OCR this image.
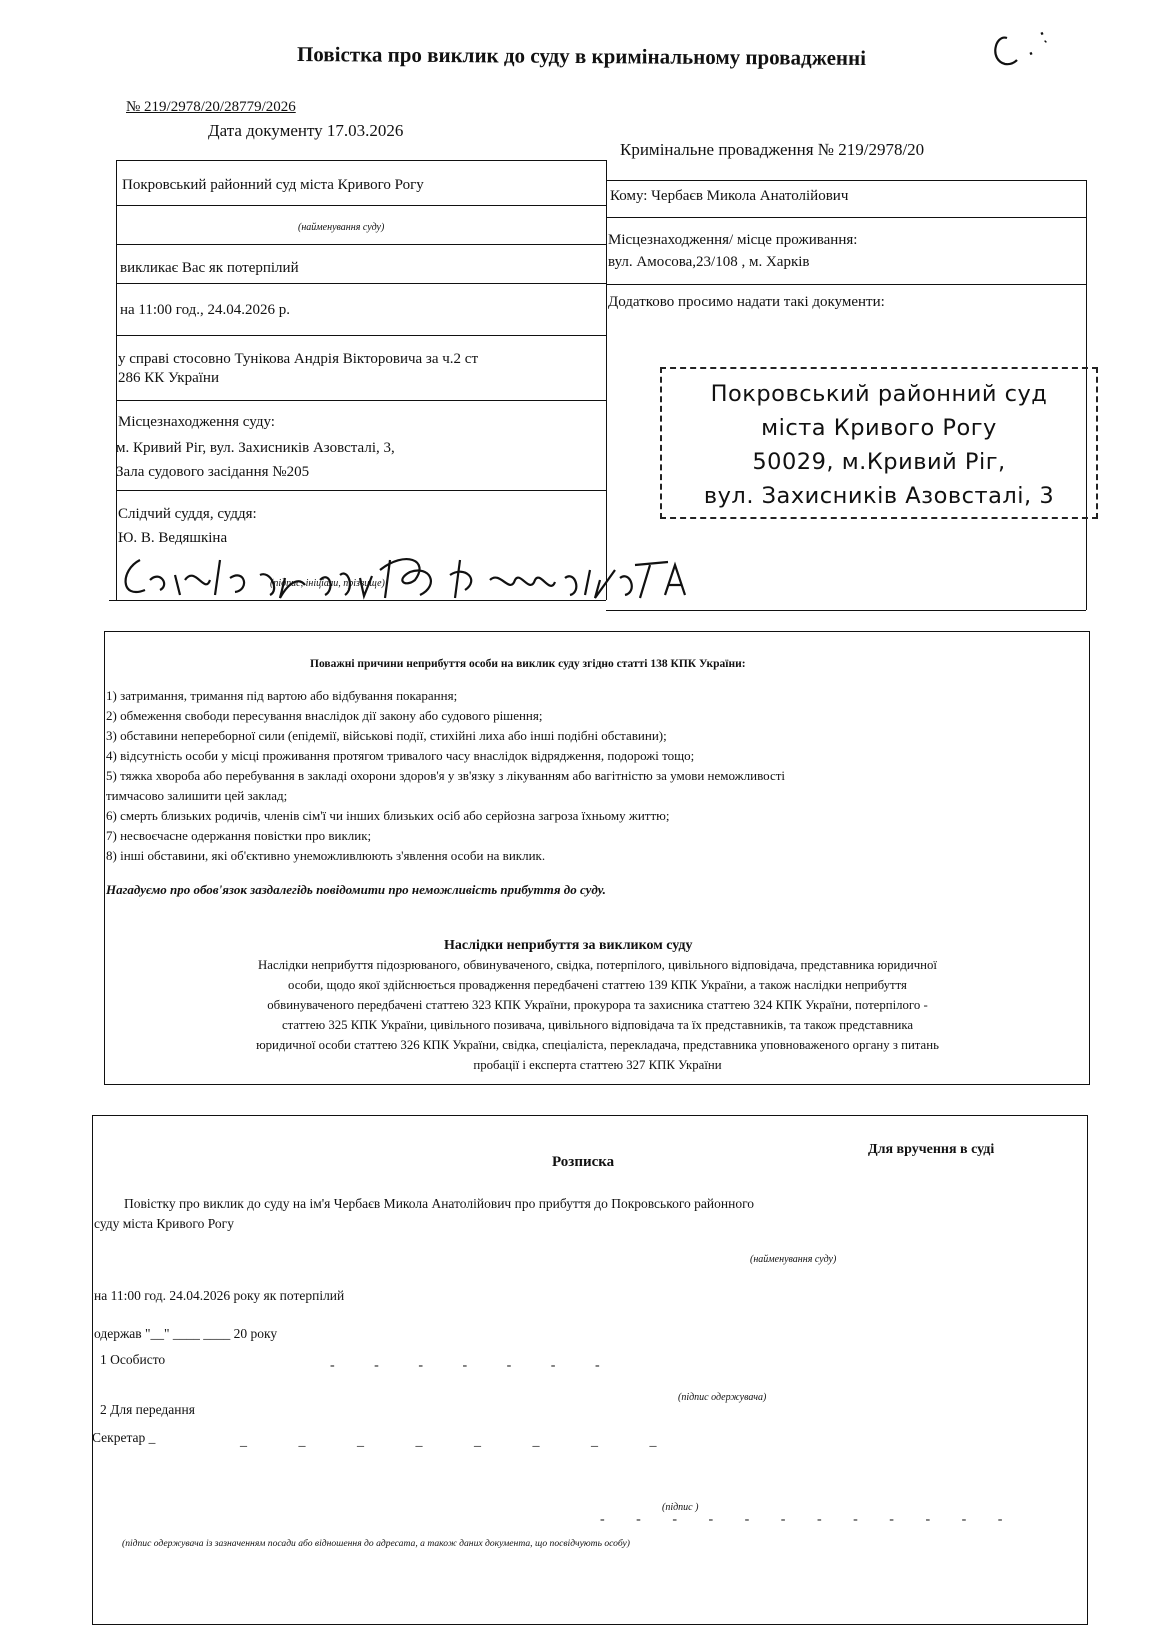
Повістка про виклик до суду в кримінальному провадженні
№ 219/2978/20/28779/2026
Дата документу 17.03.2026
Кримінальне провадження № 219/2978/20
Покровський районний суд міста Кривого Рогу
(найменування суду)
викликає Вас як потерпілий
на 11:00 год., 24.04.2026 р.
у справі стосовно Тунікова Андрія Вікторовича за ч.2 ст
286 КК України
Місцезнаходження суду:
м. Кривий Ріг, вул. Захисників Азовсталі, 3,
Зала судового засідання №205
Слідчий суддя, суддя:
Ю. В. Ведяшкіна
(підпис, ініціали, прізвище)
Кому: Чербаєв Микола Анатолійович
Місцезнаходження/ місце проживання:
вул. Амосова,23/108 , м. Харків
Додатково просимо надати такі документи:
Покровський районний суд
міста Кривого Рогу
50029, м.Кривий Ріг,
вул. Захисників Азовсталі, 3
Поважні причини неприбуття особи на виклик суду згідно статті 138 КПК України:
1) затримання, тримання під вартою або відбування покарання;
2) обмеження свободи пересування внаслідок дії закону або судового рішення;
3) обставини непереборної сили (епідемії, військові події, стихійні лиха або інші подібні обставини);
4) відсутність особи у місці проживання протягом тривалого часу внаслідок відрядження, подорожі тощо;
5) тяжка хвороба або перебування в закладі охорони здоров'я у зв'язку з лікуванням або вагітністю за умови неможливості
тимчасово залишити цей заклад;
6) смерть близьких родичів, членів сім'ї чи інших близьких осіб або серйозна загроза їхньому життю;
7) несвоєчасне одержання повістки про виклик;
8) інші обставини, які об'єктивно унеможливлюють з'явлення особи на виклик.
Нагадуємо про обов'язок заздалегідь повідомити про неможливість прибуття до суду.
Наслідки неприбуття за викликом суду
Наслідки неприбуття підозрюваного, обвинуваченого, свідка, потерпілого, цивільного відповідача, представника юридичної
особи, щодо якої здійснюється провадження передбачені статтею 139 КПК України, а також наслідки неприбуття
обвинуваченого передбачені статтею 323 КПК України, прокурора та захисника статтею 324 КПК України, потерпілого -
статтею 325 КПК України, цивільного позивача, цивільного відповідача та їх представників, та також представника
юридичної особи статтею 326 КПК України, свідка, спеціаліста, перекладача, представника уповноваженого органу з питань
пробації і експерта статтею 327 КПК України
Для вручення в суді
Розписка
Повістку про виклик до суду на ім'я Чербаєв Микола Анатолійович про прибуття до Покровського районного
суду міста Кривого Рогу
(найменування суду)
на 11:00 год. 24.04.2026 року як потерпілий
одержав "__" ____ ____ 20 року
1 Особисто	- - - - - - -
(підпис одержувача)
2 Для передання
Секретар _	_ _ _ _ _ _ _ _
(підпис )
- - - - - - - - - - - -
(підпис одержувача із зазначенням посади або відношення до адресата, а також даних документа, що посвідчують особу)
